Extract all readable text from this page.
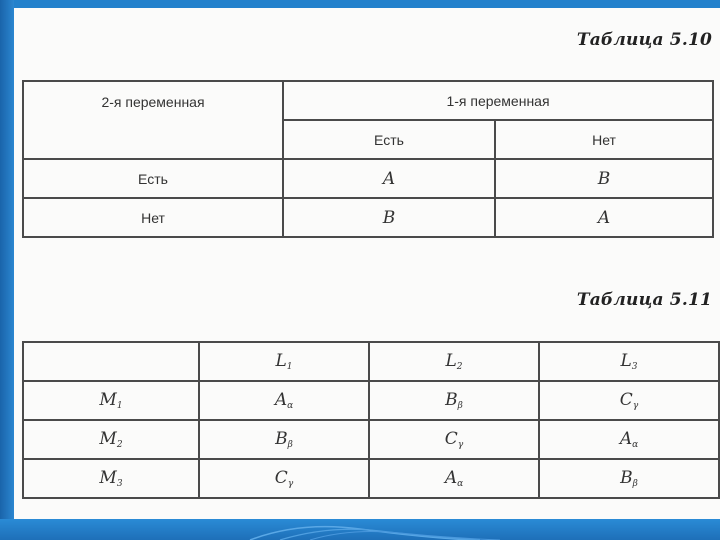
Таблица 5.10
2-я переменная	1-я переменная	
	Есть	Нет
Есть	A	B
Нет	B	A
Таблица 5.11
	$L_1$	$L_2$	$L_3$
$M_1$	$A_\alpha$	$B_\beta$	$C_\gamma$
$M_2$	$B_\beta$	$C_\gamma$	$A_\alpha$
$M_3$	$C_\gamma$	$A_\alpha$	$B_\beta$
